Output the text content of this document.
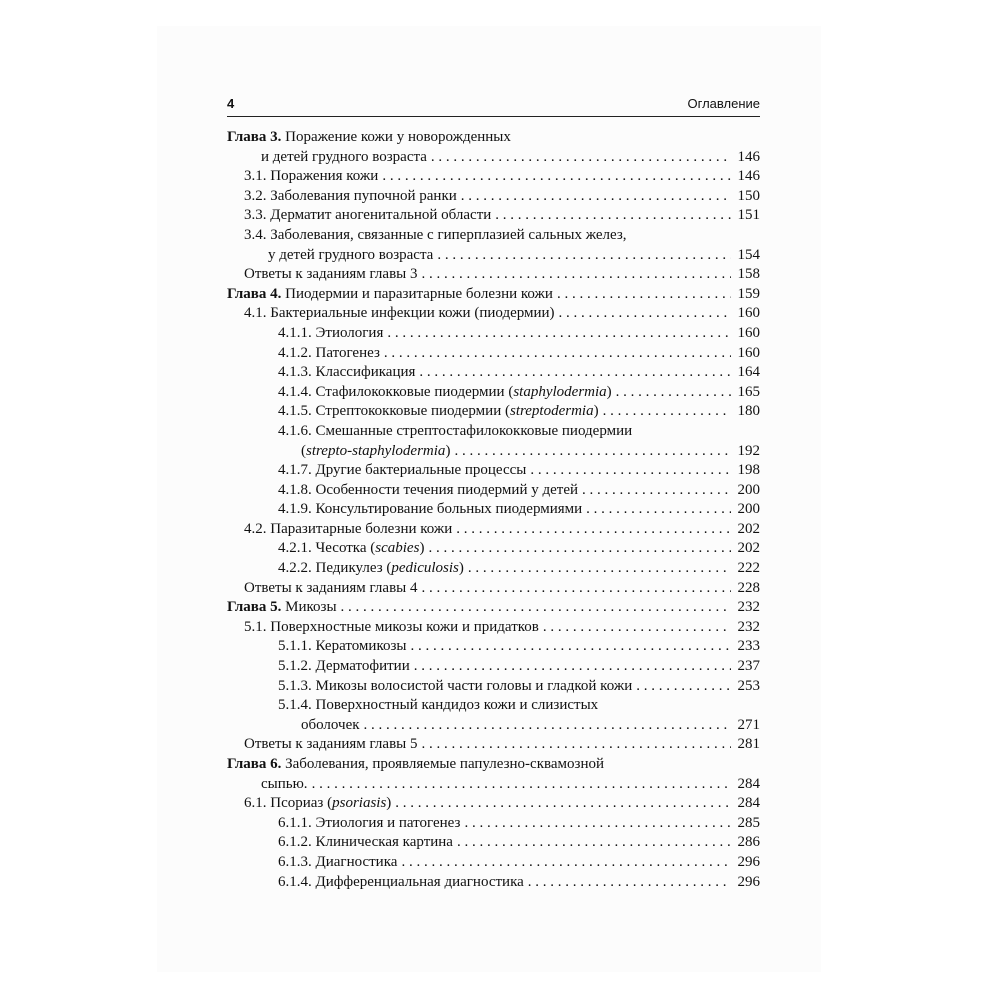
4	Оглавление
Глава 3. Поражение кожи у новорожденных
и детей грудного возраста . . .	146
3.1. Поражения кожи . . .	146
3.2. Заболевания пупочной ранки . . .	150
3.3. Дерматит аногенитальной области . . .	151
3.4. Заболевания, связанные с гиперплазией сальных желез,
у детей грудного возраста . . .	154
Ответы к заданиям главы 3 . . .	158
Глава 4. Пиодермии и паразитарные болезни кожи . . .	159
4.1. Бактериальные инфекции кожи (пиодермии) . . .	160
4.1.1. Этиология . . .	160
4.1.2. Патогенез . . .	160
4.1.3. Классификация . . .	164
4.1.4. Стафилококковые пиодермии (staphylodermia) . . .	165
4.1.5. Стрептококковые пиодермии (streptodermia) . . .	180
4.1.6. Смешанные стрептостафилококковые пиодермии
(strepto-staphylodermia) . . .	192
4.1.7. Другие бактериальные процессы . . .	198
4.1.8. Особенности течения пиодермий у детей . . .	200
4.1.9. Консультирование больных пиодермиями . . .	200
4.2. Паразитарные болезни кожи . . .	202
4.2.1. Чесотка (scabies) . . .	202
4.2.2. Педикулез (pediculosis) . . .	222
Ответы к заданиям главы 4 . . .	228
Глава 5. Микозы . . .	232
5.1. Поверхностные микозы кожи и придатков . . .	232
5.1.1. Кератомикозы . . .	233
5.1.2. Дерматофитии . . .	237
5.1.3. Микозы волосистой части головы и гладкой кожи . . .	253
5.1.4. Поверхностный кандидоз кожи и слизистых
оболочек . . .	271
Ответы к заданиям главы 5 . . .	281
Глава 6. Заболевания, проявляемые папулезно-сквамозной
сыпью. . . .	284
6.1. Псориаз (psoriasis) . . .	284
6.1.1. Этиология и патогенез . . .	285
6.1.2. Клиническая картина . . .	286
6.1.3. Диагностика . . .	296
6.1.4. Дифференциальная диагностика . . .	296
